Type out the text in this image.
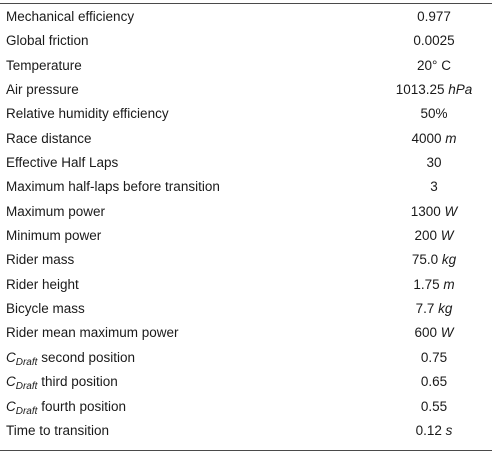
Mechanical efficiency	0.977
Global friction	0.0025
Temperature	20° C
Air pressure	1013.25 hPa
Relative humidity efficiency	50%
Race distance	4000 m
Effective Half Laps	30
Maximum half-laps before transition	3
Maximum power	1300 W
Minimum power	200 W
Rider mass	75.0 kg
Rider height	1.75 m
Bicycle mass	7.7 kg
Rider mean maximum power	600 W
$C_{Draft}$ second position	0.75
$C_{Draft}$ third position	0.65
$C_{Draft}$ fourth position	0.55
Time to transition	0.12 s
